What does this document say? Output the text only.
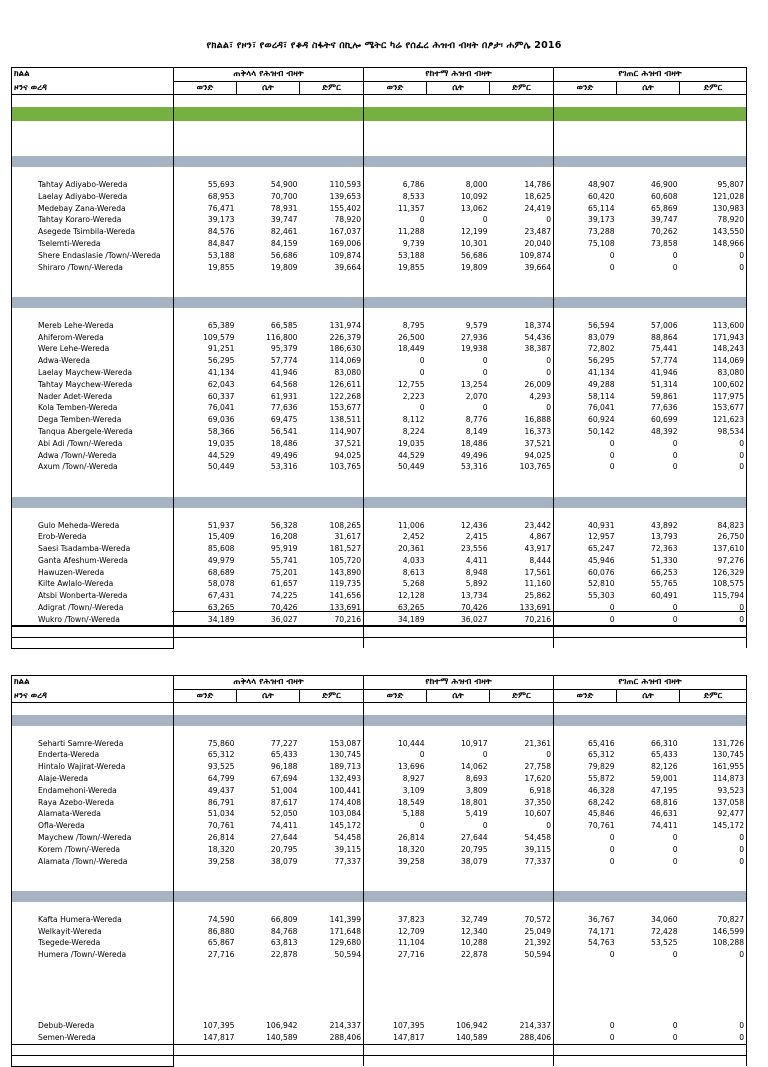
የክልል፣ የዞን፣ የወረዳ፣ የቆዳ ስፋትና በኪሎ ሜትር ካሬ የሰፈረ ሕዝብ ብዛት በፆታ፡ ሐምሌ 2016
ክልል	ጠቅላላ የሕዝብ ብዛት			የከተማ ሕዝብ ብዛት			የገጠር ሕዝብ ብዛት		
ዞንና ወረዳ	ወንድ	ሴት	ድምር	ወንድ	ሴት	ድምር	ወንድ	ሴት	ድምር

Tahtay Adiyabo-Wereda	55,693	54,900	110,593	6,786	8,000	14,786	48,907	46,900	95,807
Laelay Adiyabo-Wereda	68,953	70,700	139,653	8,533	10,092	18,625	60,420	60,608	121,028
Medebay Zana-Wereda	76,471	78,931	155,402	11,357	13,062	24,419	65,114	65,869	130,983
Tahtay Koraro-Wereda	39,173	39,747	78,920	0	0	0	39,173	39,747	78,920
Asegede Tsimbila-Wereda	84,576	82,461	167,037	11,288	12,199	23,487	73,288	70,262	143,550
Tselemti-Wereda	84,847	84,159	169,006	9,739	10,301	20,040	75,108	73,858	148,966
Shere Endaslasie /Town/-Wereda	53,188	56,686	109,874	53,188	56,686	109,874	0	0	0
Shiraro /Town/-Wereda	19,855	19,809	39,664	19,855	19,809	39,664	0	0	0

Mereb Lehe-Wereda	65,389	66,585	131,974	8,795	9,579	18,374	56,594	57,006	113,600
Ahiferom-Wereda	109,579	116,800	226,379	26,500	27,936	54,436	83,079	88,864	171,943
Were Lehe-Wereda	91,251	95,379	186,630	18,449	19,938	38,387	72,802	75,441	148,243
Adwa-Wereda	56,295	57,774	114,069	0	0	0	56,295	57,774	114,069
Laelay Maychew-Wereda	41,134	41,946	83,080	0	0	0	41,134	41,946	83,080
Tahtay Maychew-Wereda	62,043	64,568	126,611	12,755	13,254	26,009	49,288	51,314	100,602
Nader Adet-Wereda	60,337	61,931	122,268	2,223	2,070	4,293	58,114	59,861	117,975
Kola Temben-Wereda	76,041	77,636	153,677	0	0	0	76,041	77,636	153,677
Dega Temben-Wereda	69,036	69,475	138,511	8,112	8,776	16,888	60,924	60,699	121,623
Tanqua Abergele-Wereda	58,366	56,541	114,907	8,224	8,149	16,373	50,142	48,392	98,534
Abi Adi /Town/-Wereda	19,035	18,486	37,521	19,035	18,486	37,521	0	0	0
Adwa /Town/-Wereda	44,529	49,496	94,025	44,529	49,496	94,025	0	0	0
Axum /Town/-Wereda	50,449	53,316	103,765	50,449	53,316	103,765	0	0	0

Gulo Meheda-Wereda	51,937	56,328	108,265	11,006	12,436	23,442	40,931	43,892	84,823
Erob-Wereda	15,409	16,208	31,617	2,452	2,415	4,867	12,957	13,793	26,750
Saesi Tsadamba-Wereda	85,608	95,919	181,527	20,361	23,556	43,917	65,247	72,363	137,610
Ganta Afeshum-Wereda	49,979	55,741	105,720	4,033	4,411	8,444	45,946	51,330	97,276
Hawuzen-Wereda	68,689	75,201	143,890	8,613	8,948	17,561	60,076	66,253	126,329
Kilte Awlalo-Wereda	58,078	61,657	119,735	5,268	5,892	11,160	52,810	55,765	108,575
Atsbi Wonberta-Wereda	67,431	74,225	141,656	12,128	13,734	25,862	55,303	60,491	115,794
Adigrat /Town/-Wereda	63,265	70,426	133,691	63,265	70,426	133,691	0	0	0
Wukro /Town/-Wereda	34,189	36,027	70,216	34,189	36,027	70,216	0	0	0

ክልል	ጠቅላላ የሕዝብ ብዛት			የከተማ ሕዝብ ብዛት			የገጠር ሕዝብ ብዛት		
ዞንና ወረዳ	ወንድ	ሴት	ድምር	ወንድ	ሴት	ድምር	ወንድ	ሴት	ድምር

Seharti Samre-Wereda	75,860	77,227	153,087	10,444	10,917	21,361	65,416	66,310	131,726
Enderta-Wereda	65,312	65,433	130,745	0	0	0	65,312	65,433	130,745
Hintalo Wajirat-Wereda	93,525	96,188	189,713	13,696	14,062	27,758	79,829	82,126	161,955
Alaje-Wereda	64,799	67,694	132,493	8,927	8,693	17,620	55,872	59,001	114,873
Endamehoni-Wereda	49,437	51,004	100,441	3,109	3,809	6,918	46,328	47,195	93,523
Raya Azebo-Wereda	86,791	87,617	174,408	18,549	18,801	37,350	68,242	68,816	137,058
Alamata-Wereda	51,034	52,050	103,084	5,188	5,419	10,607	45,846	46,631	92,477
Ofla-Wereda	70,761	74,411	145,172	0	0	0	70,761	74,411	145,172
Maychew /Town/-Wereda	26,814	27,644	54,458	26,814	27,644	54,458	0	0	0
Korem /Town/-Wereda	18,320	20,795	39,115	18,320	20,795	39,115	0	0	0
Alamata /Town/-Wereda	39,258	38,079	77,337	39,258	38,079	77,337	0	0	0

Kafta Humera-Wereda	74,590	66,809	141,399	37,823	32,749	70,572	36,767	34,060	70,827
Welkayit-Wereda	86,880	84,768	171,648	12,709	12,340	25,049	74,171	72,428	146,599
Tsegede-Wereda	65,867	63,813	129,680	11,104	10,288	21,392	54,763	53,525	108,288
Humera /Town/-Wereda	27,716	22,878	50,594	27,716	22,878	50,594	0	0	0

Debub-Wereda	107,395	106,942	214,337	107,395	106,942	214,337	0	0	0
Semen-Wereda	147,817	140,589	288,406	147,817	140,589	288,406	0	0	0
